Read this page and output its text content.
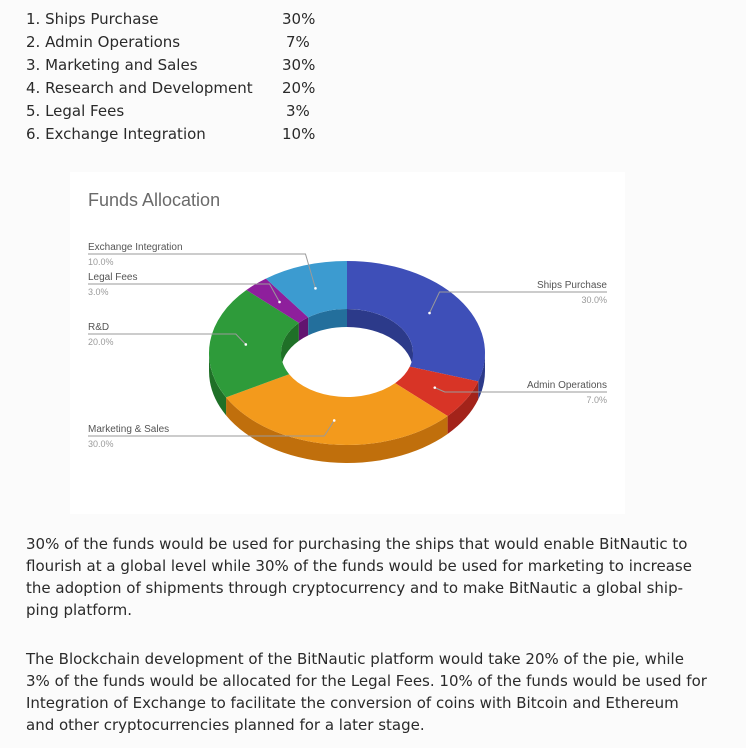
1. Ships Purchase	30%
2. Admin Operations	7%
3. Marketing and Sales	30%
4. Research and Development 20%
5. Legal Fees	3%
6. Exchange Integration	10%
Funds Allocation
Ships Purchase
30.0%
Admin Operations
7.0%
Marketing & Sales
30.0%
R&D
20.0%
Legal Fees
3.0%
Exchange Integration
10.0%

30% of the funds would be used for purchasing the ships that would enable BitNautic to
flourish at a global level while 30% of the funds would be used for marketing to increase
the adoption of shipments through cryptocurrency and to make BitNautic a global ship-
ping platform.

The Blockchain development of the BitNautic platform would take 20% of the pie, while
3% of the funds would be allocated for the Legal Fees. 10% of the funds would be used for
Integration of Exchange to facilitate the conversion of coins with Bitcoin and Ethereum
and other cryptocurrencies planned for a later stage.
